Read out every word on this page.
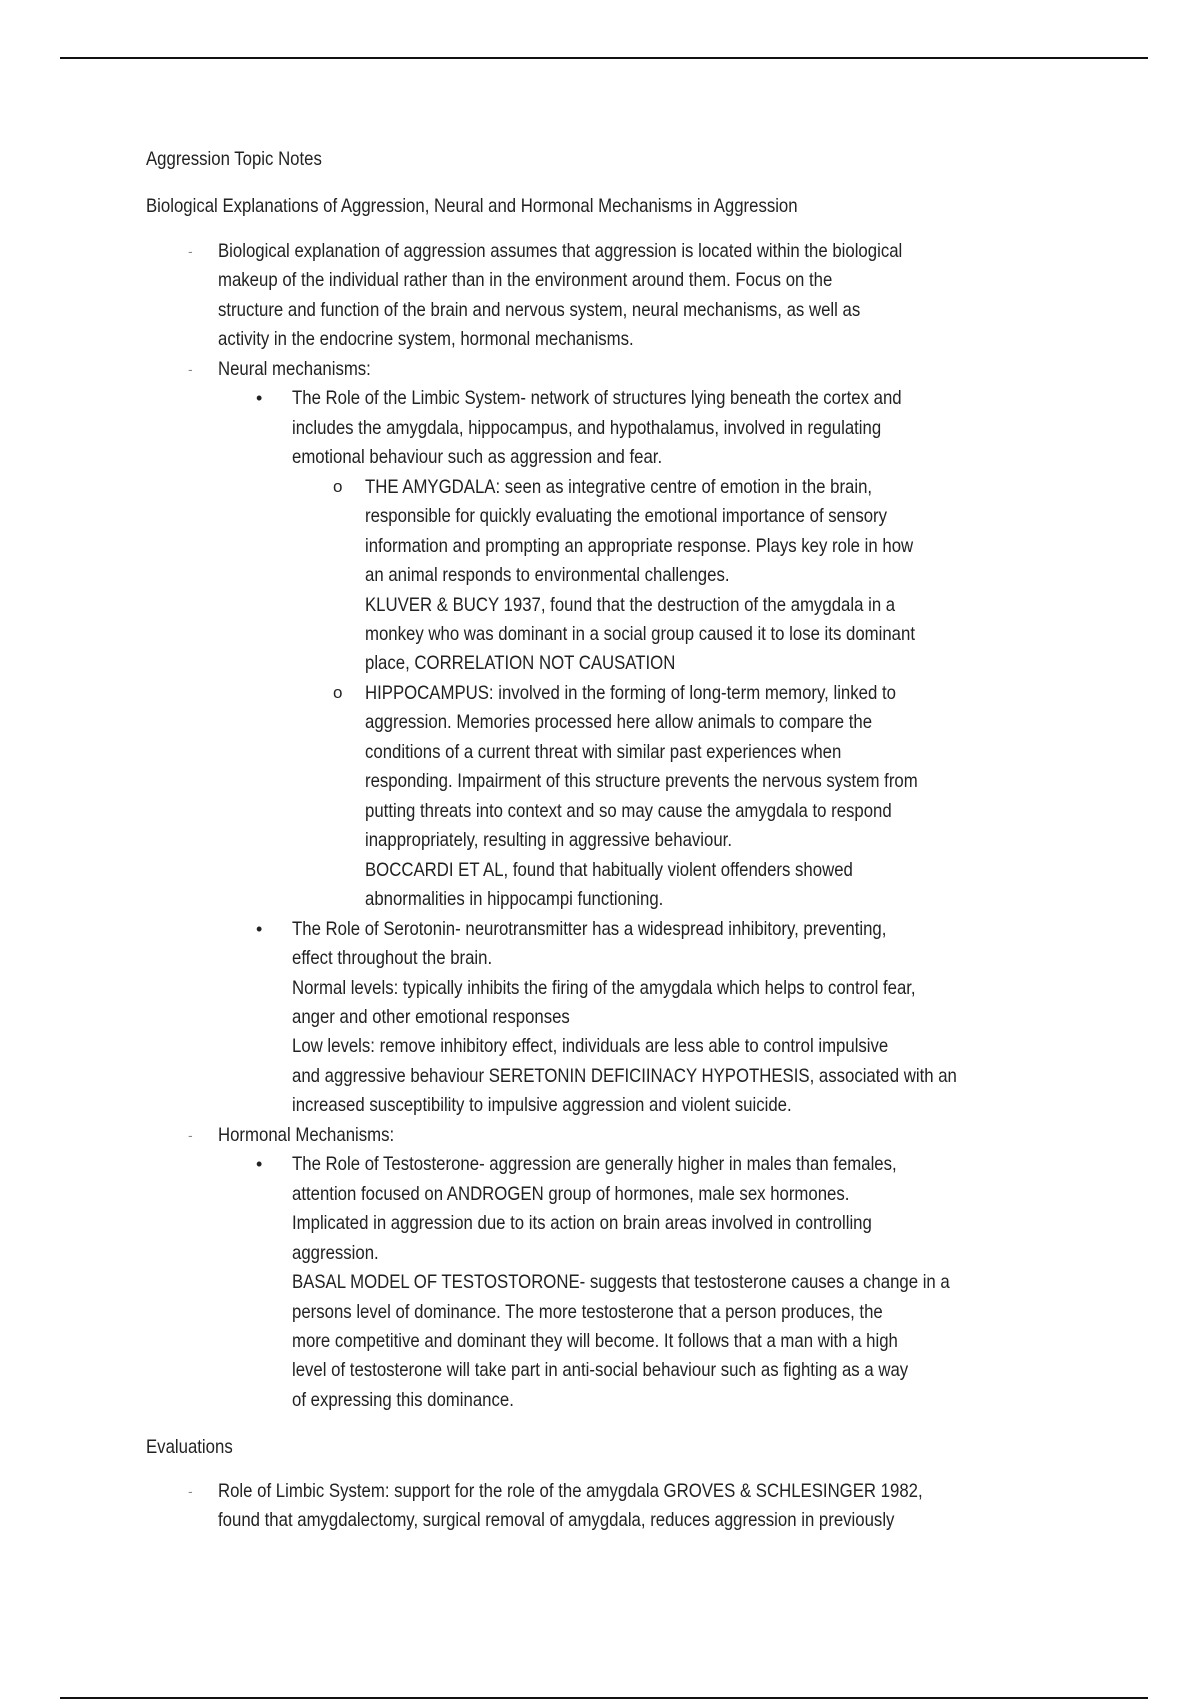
Aggression Topic Notes
Biological Explanations of Aggression, Neural and Hormonal Mechanisms in Aggression
Evaluations
- Biological explanation of aggression assumes that aggression is located within the biological
makeup of the individual rather than in the environment around them. Focus on the
structure and function of the brain and nervous system, neural mechanisms, as well as
activity in the endocrine system, hormonal mechanisms.
- Neural mechanisms:
• The Role of the Limbic System- network of structures lying beneath the cortex and
includes the amygdala, hippocampus, and hypothalamus, involved in regulating
emotional behaviour such as aggression and fear.
o THE AMYGDALA: seen as integrative centre of emotion in the brain,
responsible for quickly evaluating the emotional importance of sensory
information and prompting an appropriate response. Plays key role in how
an animal responds to environmental challenges.
KLUVER & BUCY 1937, found that the destruction of the amygdala in a
monkey who was dominant in a social group caused it to lose its dominant
place, CORRELATION NOT CAUSATION
o HIPPOCAMPUS: involved in the forming of long-term memory, linked to
aggression. Memories processed here allow animals to compare the
conditions of a current threat with similar past experiences when
responding. Impairment of this structure prevents the nervous system from
putting threats into context and so may cause the amygdala to respond
inappropriately, resulting in aggressive behaviour.
BOCCARDI ET AL, found that habitually violent offenders showed
abnormalities in hippocampi functioning.
• The Role of Serotonin- neurotransmitter has a widespread inhibitory, preventing,
effect throughout the brain.
Normal levels: typically inhibits the firing of the amygdala which helps to control fear,
anger and other emotional responses
Low levels: remove inhibitory effect, individuals are less able to control impulsive
and aggressive behaviour SERETONIN DEFICIINACY HYPOTHESIS, associated with an
increased susceptibility to impulsive aggression and violent suicide.
- Hormonal Mechanisms:
• The Role of Testosterone- aggression are generally higher in males than females,
attention focused on ANDROGEN group of hormones, male sex hormones.
Implicated in aggression due to its action on brain areas involved in controlling
aggression.
BASAL MODEL OF TESTOSTORONE- suggests that testosterone causes a change in a
persons level of dominance. The more testosterone that a person produces, the
more competitive and dominant they will become. It follows that a man with a high
level of testosterone will take part in anti-social behaviour such as fighting as a way
of expressing this dominance.
- Role of Limbic System: support for the role of the amygdala GROVES & SCHLESINGER 1982,
found that amygdalectomy, surgical removal of amygdala, reduces aggression in previously
